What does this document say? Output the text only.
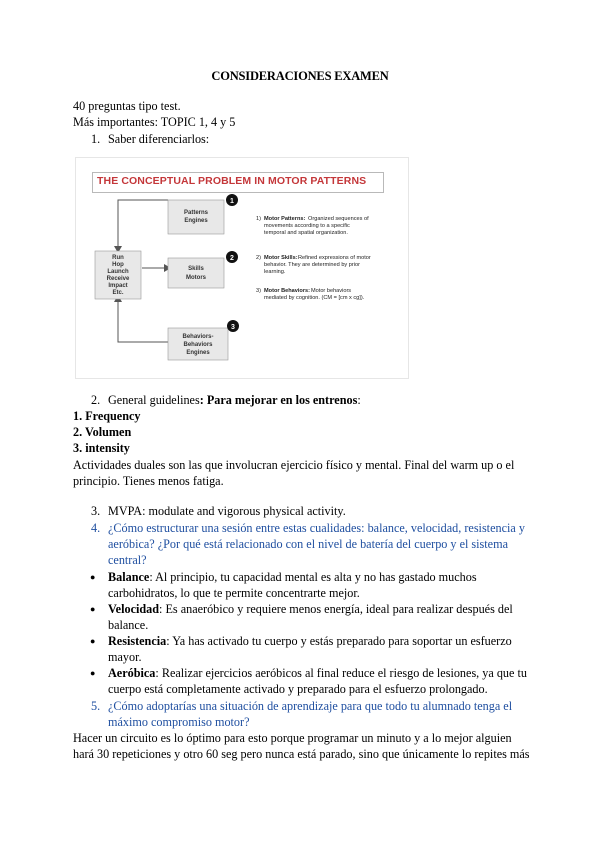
CONSIDERACIONES EXAMEN
40 preguntas tipo test.
Más importantes: TOPIC 1, 4 y 5
1. Saber diferenciarlos:
THE CONCEPTUAL PROBLEM IN MOTOR PATTERNS
Run
Hop
Launch
Receive
Impact
Etc.
Patterns
Engines
1
Skills
Motors
2
Behaviors-
Behaviors
Engines
3
1) Motor Patterns: Organized sequences of
movements according to a specific
temporal and spatial organization.
2) Motor Skills: Refined expressions of motor
behavior. They are determined by prior
learning.
3) Motor Behaviors: Motor behaviors
mediated by cognition. (CM = [cm x cg]).
2. General guidelines: Para mejorar en los entrenos:
1. Frequency
2. Volumen
3. intensity
Actividades duales son las que involucran ejercicio físico y mental. Final del warm up o el
principio. Tienes menos fatiga.
3. MVPA: modulate and vigorous physical activity.
4. ¿Cómo estructurar una sesión entre estas cualidades: balance, velocidad, resistencia y
aeróbica? ¿Por qué está relacionado con el nivel de batería del cuerpo y el sistema
central?
● Balance: Al principio, tu capacidad mental es alta y no has gastado muchos
carbohidratos, lo que te permite concentrarte mejor.
● Velocidad: Es anaeróbico y requiere menos energía, ideal para realizar después del
balance.
● Resistencia: Ya has activado tu cuerpo y estás preparado para soportar un esfuerzo
mayor.
● Aeróbica: Realizar ejercicios aeróbicos al final reduce el riesgo de lesiones, ya que tu
cuerpo está completamente activado y preparado para el esfuerzo prolongado.
5. ¿Cómo adoptarías una situación de aprendizaje para que todo tu alumnado tenga el
máximo compromiso motor?
Hacer un circuito es lo óptimo para esto porque programar un minuto y a lo mejor alguien
hará 30 repeticiones y otro 60 seg pero nunca está parado, sino que únicamente lo repites más
